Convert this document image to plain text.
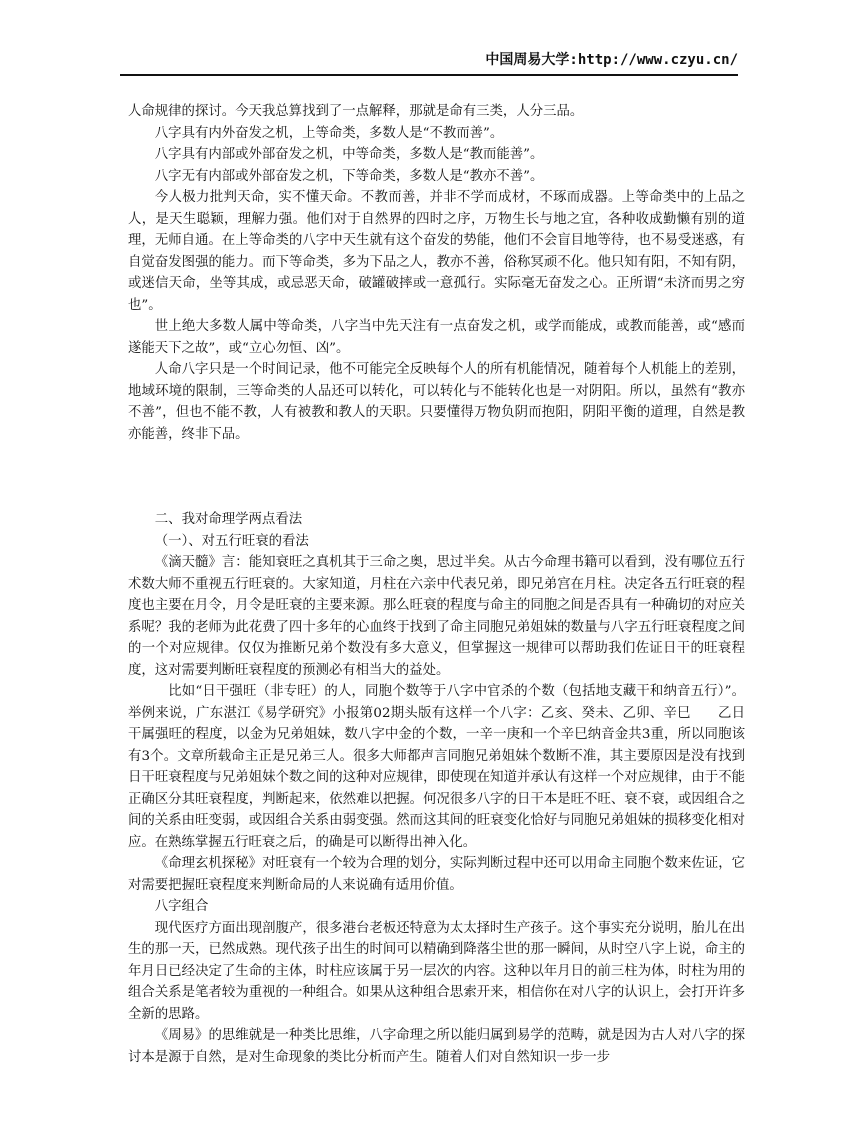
中国周易大学:http://www.czyu.cn/

人命规律的探讨。今天我总算找到了一点解释，那就是命有三类，人分三品。

八字具有内外奋发之机，上等命类，多数人是“不教而善”。

八字具有内部或外部奋发之机，中等命类，多数人是“教而能善”。

八字无有内部或外部奋发之机，下等命类，多数人是“教亦不善”。

今人极力批判天命，实不懂天命。不教而善，并非不学而成材，不琢而成器。上等命类中的上品之人，是天生聪颖，理解力强。他们对于自然界的四时之序，万物生长与地之宜，各种收成勤懒有别的道理，无师自通。在上等命类的八字中天生就有这个奋发的势能，他们不会盲目地等待，也不易受迷惑，有自觉奋发图强的能力。而下等命类，多为下品之人，教亦不善，俗称冥顽不化。他只知有阳，不知有阴，或迷信天命，坐等其成，或忌恶天命，破罐破摔或一意孤行。实际毫无奋发之心。正所谓“未济而男之穷也”。

世上绝大多数人属中等命类，八字当中先天注有一点奋发之机，或学而能成，或教而能善，或“感而遂能天下之故”，或“立心勿恒、凶”。

人命八字只是一个时间记录，他不可能完全反映每个人的所有机能情况，随着每个人机能上的差别，地域环境的限制，三等命类的人品还可以转化，可以转化与不能转化也是一对阴阳。所以，虽然有“教亦不善”，但也不能不教，人有被教和教人的天职。只要懂得万物负阴而抱阳，阴阳平衡的道理，自然是教亦能善，终非下品。

二、我对命理学两点看法

（一）、对五行旺衰的看法

《滴天髓》言：能知衰旺之真机其于三命之奥，思过半矣。从古今命理书籍可以看到，没有哪位五行术数大师不重视五行旺衰的。大家知道，月柱在六亲中代表兄弟，即兄弟宫在月柱。决定各五行旺衰的程度也主要在月令，月令是旺衰的主要来源。那么旺衰的程度与命主的同胞之间是否具有一种确切的对应关系呢？我的老师为此花费了四十多年的心血终于找到了命主同胞兄弟姐妹的数量与八字五行旺衰程度之间的一个对应规律。仅仅为推断兄弟个数没有多大意义，但掌握这一规律可以帮助我们佐证日干的旺衰程度，这对需要判断旺衰程度的预测必有相当大的益处。

比如“日干强旺（非专旺）的人，同胞个数等于八字中官杀的个数（包括地支藏干和纳音五行）”。举例来说，广东湛江《易学研究》小报第02期头版有这样一个八字：乙亥、癸未、乙卯、辛巳　　乙日干属强旺的程度，以金为兄弟姐妹，数八字中金的个数，一辛一庚和一个辛巳纳音金共3重，所以同胞该有3个。文章所载命主正是兄弟三人。很多大师都声言同胞兄弟姐妹个数断不准，其主要原因是没有找到日干旺衰程度与兄弟姐妹个数之间的这种对应规律，即使现在知道并承认有这样一个对应规律，由于不能正确区分其旺衰程度，判断起来，依然难以把握。何况很多八字的日干本是旺不旺、衰不衰，或因组合之间的关系由旺变弱，或因组合关系由弱变强。然而这其间的旺衰变化恰好与同胞兄弟姐妹的损移变化相对应。在熟练掌握五行旺衰之后，的确是可以断得出神入化。

《命理玄机探秘》对旺衰有一个较为合理的划分，实际判断过程中还可以用命主同胞个数来佐证，它对需要把握旺衰程度来判断命局的人来说确有适用价值。

八字组合

现代医疗方面出现剖腹产，很多港台老板还特意为太太择时生产孩子。这个事实充分说明，胎儿在出生的那一天，已然成熟。现代孩子出生的时间可以精确到降落尘世的那一瞬间，从时空八字上说，命主的年月日已经决定了生命的主体，时柱应该属于另一层次的内容。这种以年月日的前三柱为体，时柱为用的组合关系是笔者较为重视的一种组合。如果从这种组合思索开来，相信你在对八字的认识上，会打开许多全新的思路。

《周易》的思维就是一种类比思维，八字命理之所以能归属到易学的范畴，就是因为古人对八字的探讨本是源于自然，是对生命现象的类比分析而产生。随着人们对自然知识一步一步
